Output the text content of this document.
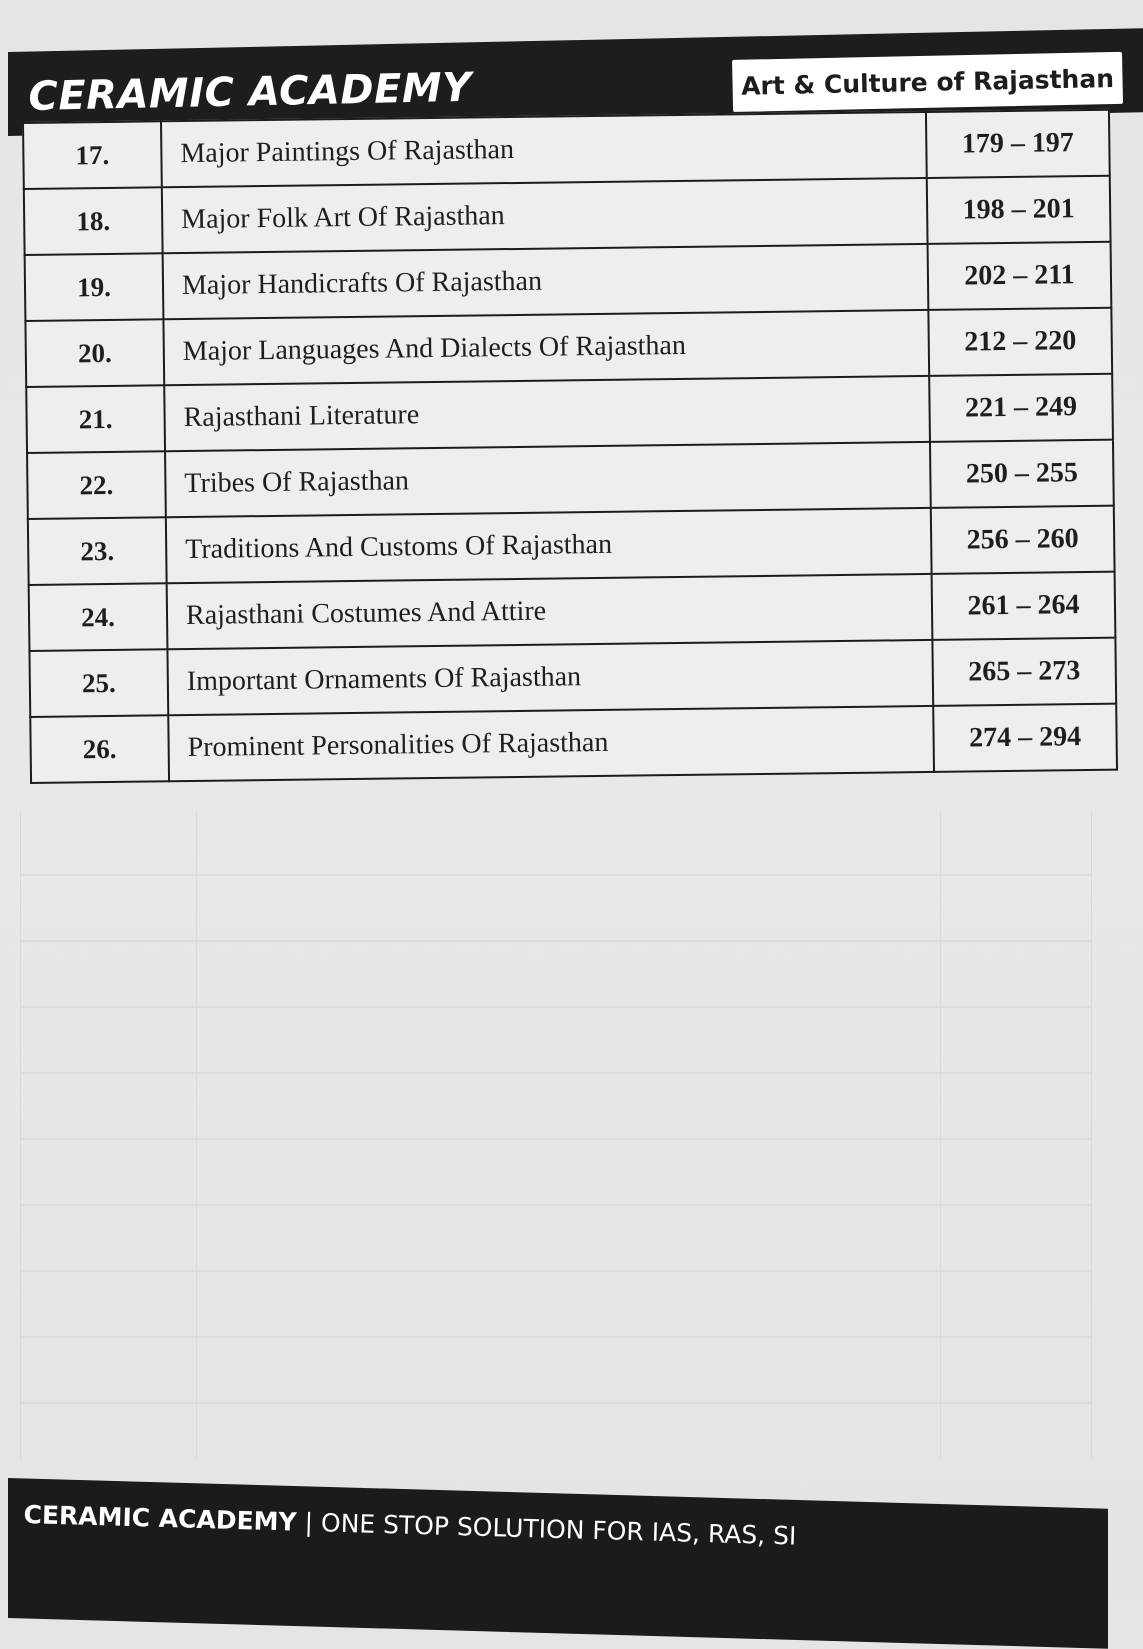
CERAMIC ACADEMY	Art & Culture of Rajasthan
17.	Major Paintings Of Rajasthan	179 – 197
18.	Major Folk Art Of Rajasthan	198 – 201
19.	Major Handicrafts Of Rajasthan	202 – 211
20.	Major Languages And Dialects Of Rajasthan	212 – 220
21.	Rajasthani Literature	221 – 249
22.	Tribes Of Rajasthan	250 – 255
23.	Traditions And Customs Of Rajasthan	256 – 260
24.	Rajasthani Costumes And Attire	261 – 264
25.	Important Ornaments Of Rajasthan	265 – 273
26.	Prominent Personalities Of Rajasthan	274 – 294
CERAMIC ACADEMY | ONE STOP SOLUTION FOR IAS, RAS, SI
